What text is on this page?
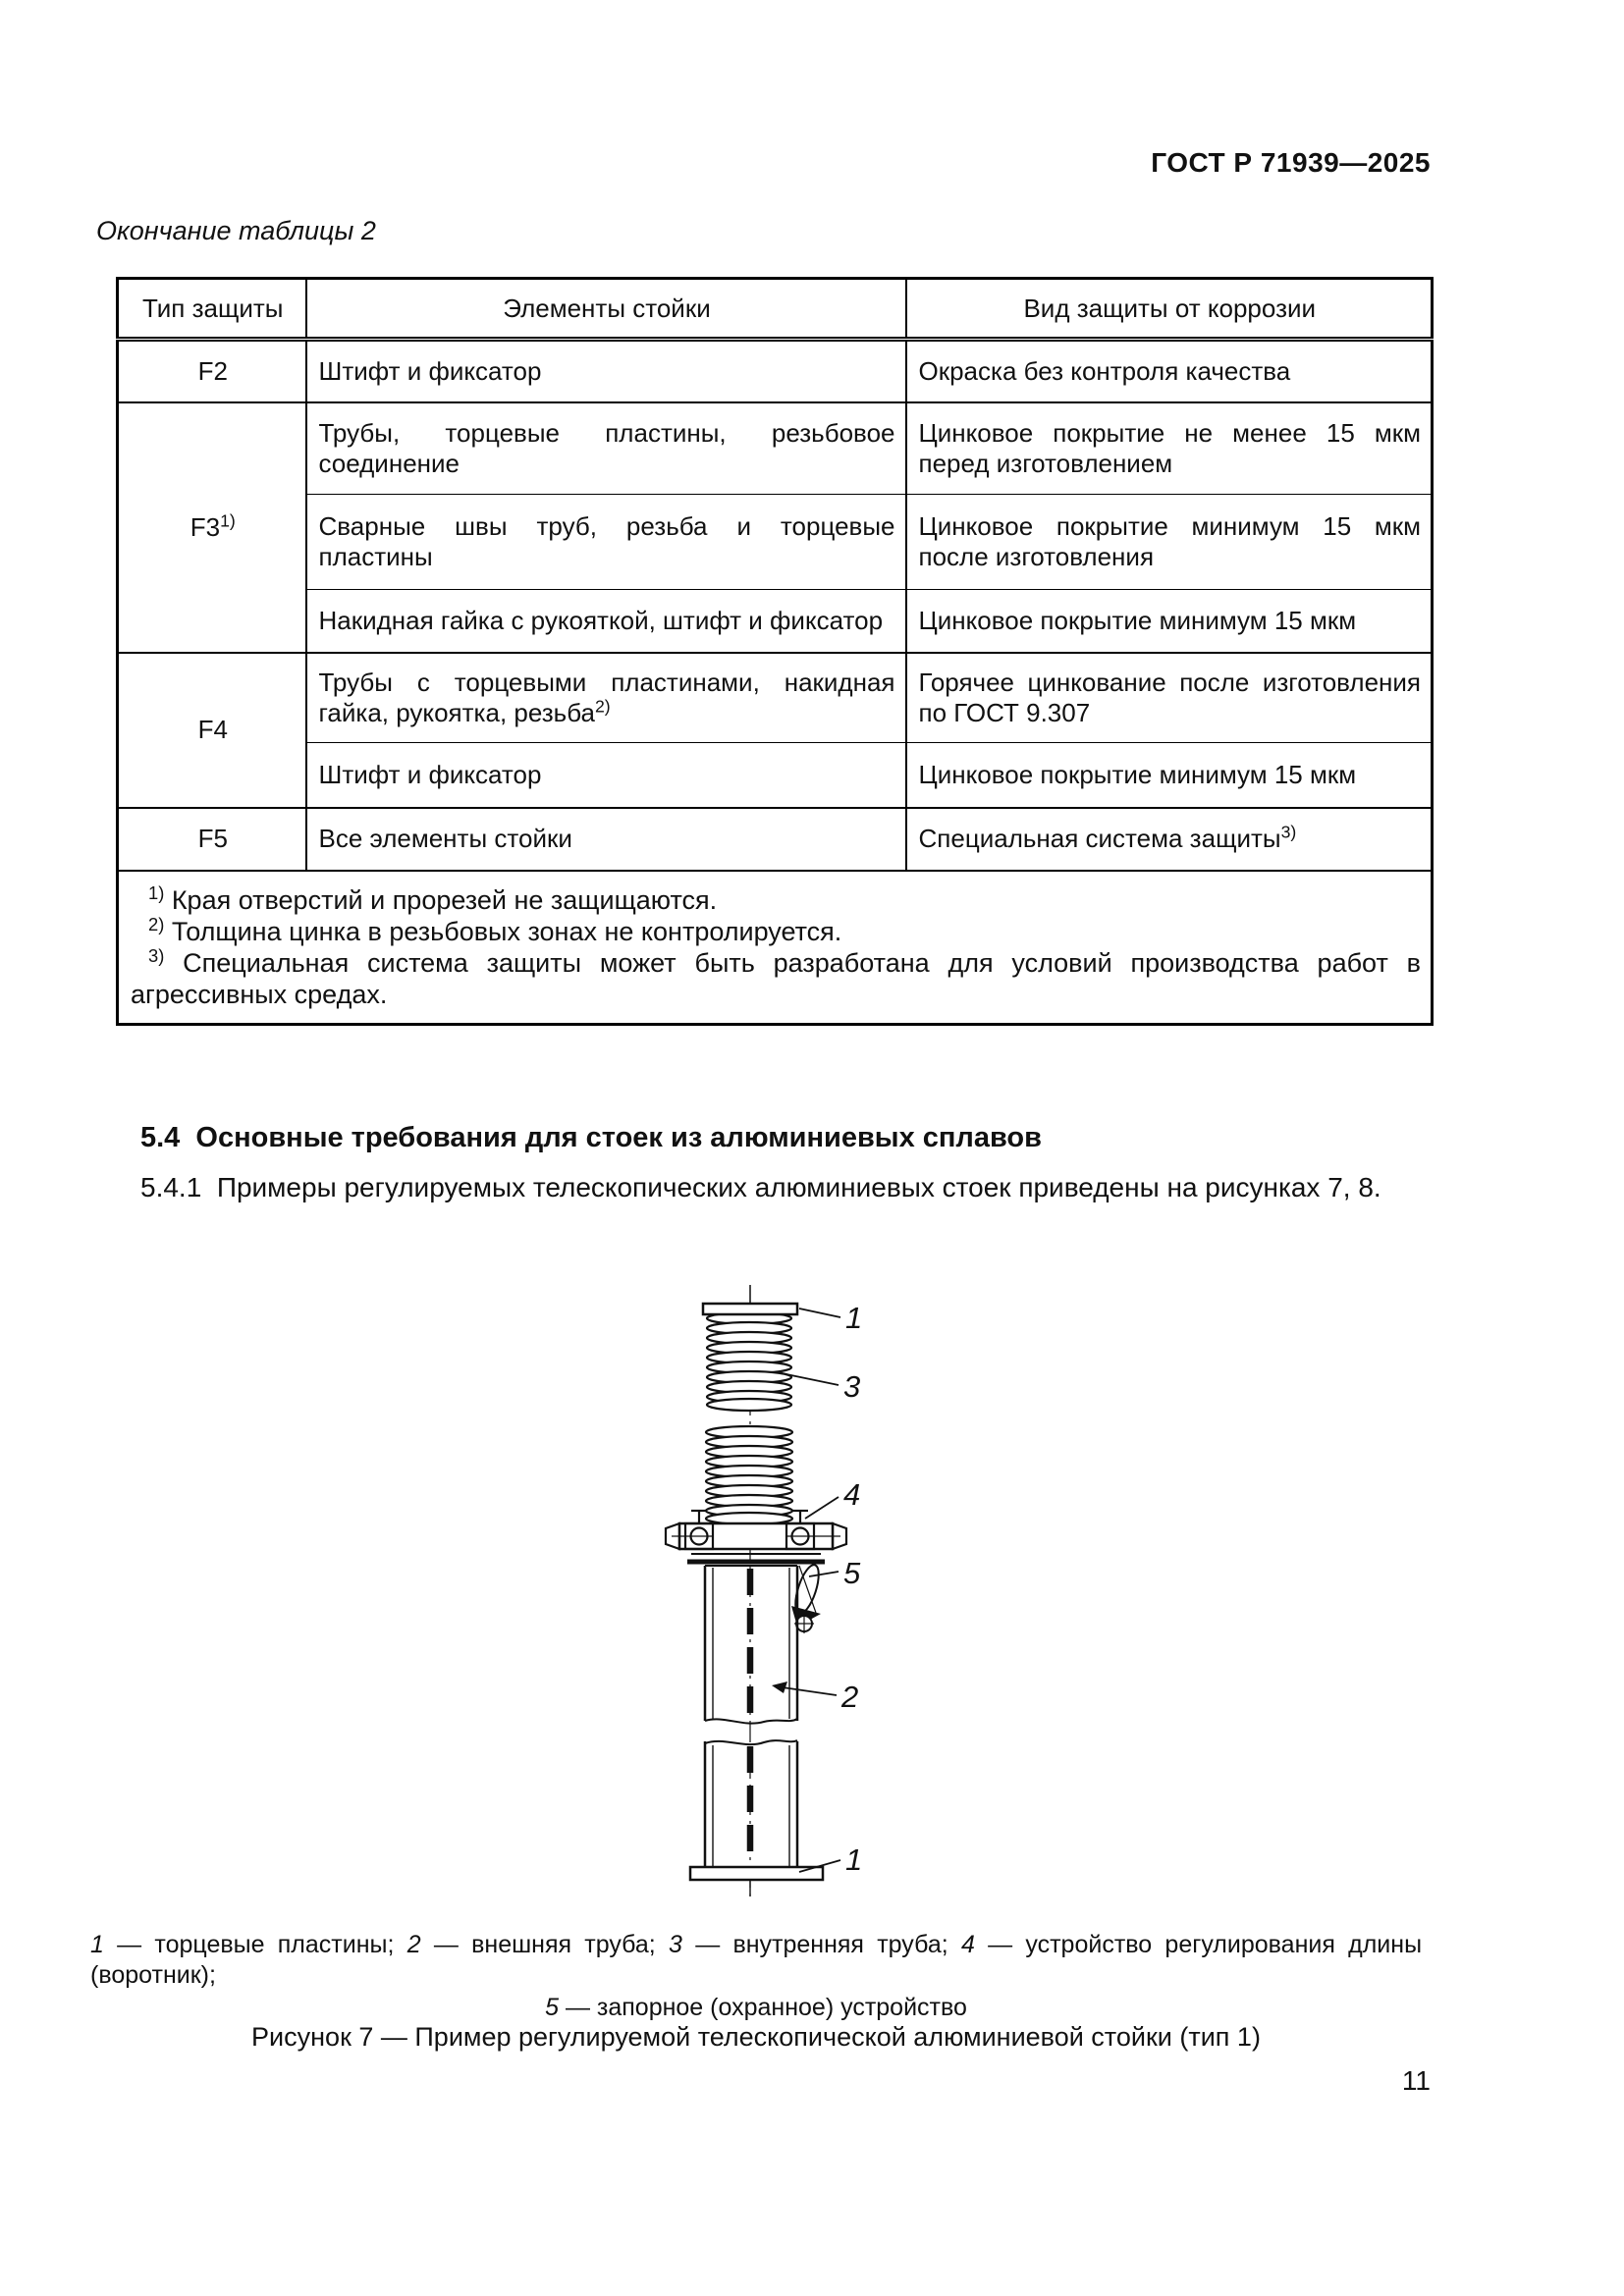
ГОСТ Р 71939—2025
Окончание таблицы 2
Тип защиты	Элементы стойки	Вид защиты от коррозии
F2	Штифт и фиксатор	Окраска без контроля качества
F3$^{1)}$	Трубы, торцевые пластины, резьбовое соединение	Цинковое покрытие не менее 15 мкм перед изготовлением
	Сварные швы труб, резьба и торцевые пластины	Цинковое покрытие минимум 15 мкм после изготовления
	Накидная гайка с рукояткой, штифт и фиксатор	Цинковое покрытие минимум 15 мкм
F4	Трубы с торцевыми пластинами, накидная гайка, рукоятка, резьба$^{2)}$	Горячее цинкование после изготовления по ГОСТ 9.307
	Штифт и фиксатор	Цинковое покрытие минимум 15 мкм
F5	Все элементы стойки	Специальная система защиты$^{3)}$

$^{1)}$ Края отверстий и прорезей не защищаются.

$^{2)}$ Толщина цинка в резьбовых зонах не контролируется.

$^{3)}$ Специальная система защиты может быть разработана для условий производства работ в агрессивных средах.		

5.4  Основные требования для стоек из алюминиевых сплавов
5.4.1  Примеры регулируемых телескопических алюминиевых стоек приведены на рисунках 7, 8.
1
3
4
5
2
1
1 — торцевые пластины; 2 — внешняя труба; 3 — внутренняя труба; 4 — устройство регулирования длины (воротник);
5 — запорное (охранное) устройство
Рисунок 7 — Пример регулируемой телескопической алюминиевой стойки (тип 1)
11
